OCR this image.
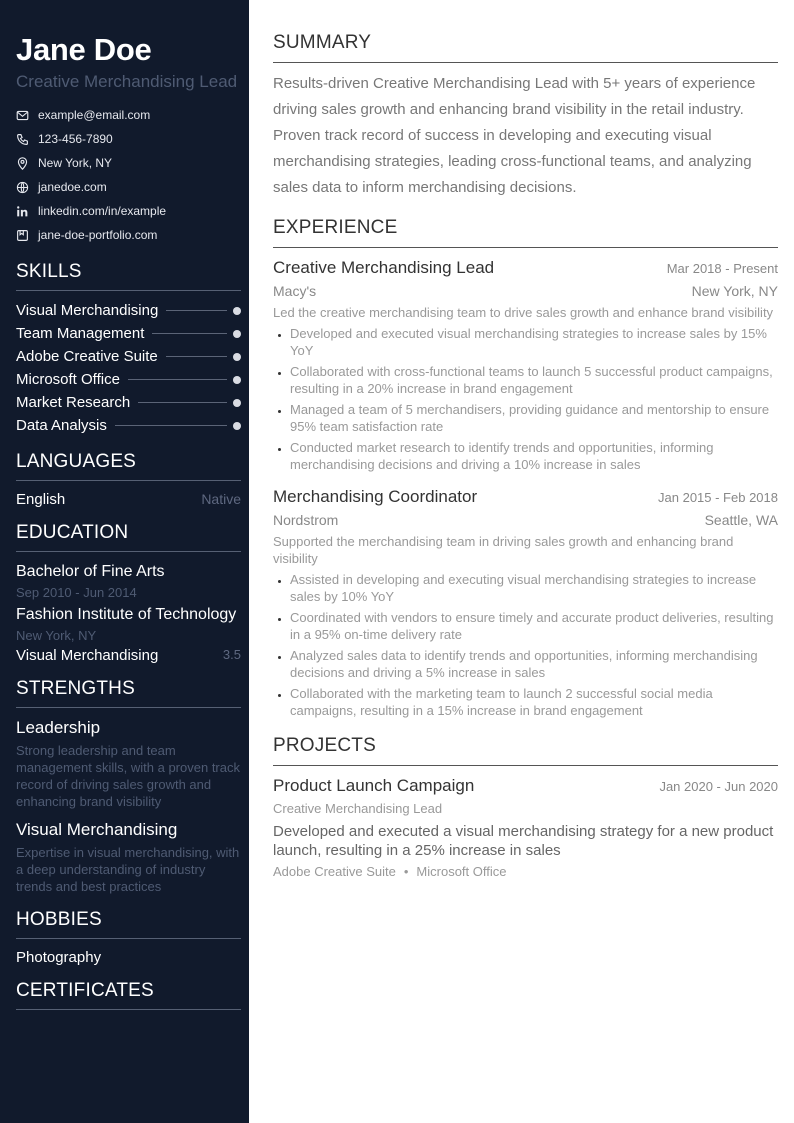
Jane Doe
Creative Merchandising Lead
example@email.com
123-456-7890
New York, NY
janedoe.com
linkedin.com/in/example
jane-doe-portfolio.com
SKILLS
Visual Merchandising
Team Management
Adobe Creative Suite
Microsoft Office
Market Research
Data Analysis
LANGUAGES
English	Native
EDUCATION
Bachelor of Fine Arts
Sep 2010 - Jun 2014
Fashion Institute of Technology
New York, NY
Visual Merchandising	3.5
STRENGTHS
Leadership
Strong leadership and team management skills, with a proven track record of driving sales growth and enhancing brand visibility
Visual Merchandising
Expertise in visual merchandising, with a deep understanding of industry trends and best practices
HOBBIES
Photography
CERTIFICATES
SUMMARY
Results-driven Creative Merchandising Lead with 5+ years of experience driving sales growth and enhancing brand visibility in the retail industry. Proven track record of success in developing and executing visual merchandising strategies, leading cross-functional teams, and analyzing sales data to inform merchandising decisions.
EXPERIENCE
Creative Merchandising Lead	Mar 2018 - Present
Macy's	New York, NY
Led the creative merchandising team to drive sales growth and enhance brand visibility
• Developed and executed visual merchandising strategies to increase sales by 15% YoY
• Collaborated with cross-functional teams to launch 5 successful product campaigns, resulting in a 20% increase in brand engagement
• Managed a team of 5 merchandisers, providing guidance and mentorship to ensure 95% team satisfaction rate
• Conducted market research to identify trends and opportunities, informing merchandising decisions and driving a 10% increase in sales
Merchandising Coordinator	Jan 2015 - Feb 2018
Nordstrom	Seattle, WA
Supported the merchandising team in driving sales growth and enhancing brand visibility
• Assisted in developing and executing visual merchandising strategies to increase sales by 10% YoY
• Coordinated with vendors to ensure timely and accurate product deliveries, resulting in a 95% on-time delivery rate
• Analyzed sales data to identify trends and opportunities, informing merchandising decisions and driving a 5% increase in sales
• Collaborated with the marketing team to launch 2 successful social media campaigns, resulting in a 15% increase in brand engagement
PROJECTS
Product Launch Campaign	Jan 2020 - Jun 2020
Creative Merchandising Lead
Developed and executed a visual merchandising strategy for a new product launch, resulting in a 25% increase in sales
Adobe Creative Suite • Microsoft Office
